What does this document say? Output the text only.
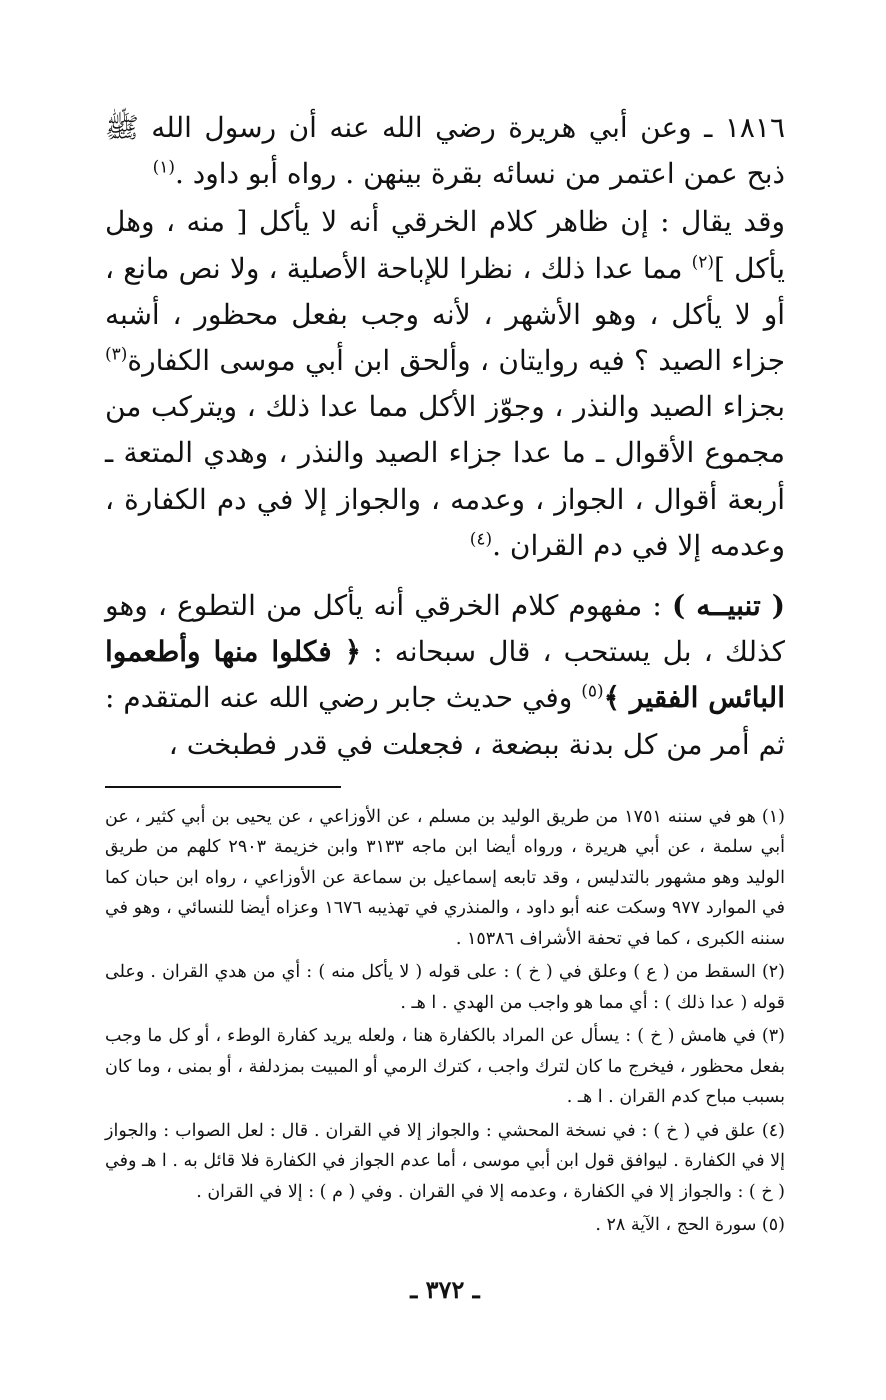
١٨١٦ ـ وعن أبي هريرة رضي الله عنه أن رسول الله ﷺ ذبح عمن اعتمر من نسائه بقرة بينهن . رواه أبو داود .$^{(١)}$

وقد يقال : إن ظاهر كلام الخرقي أنه لا يأكل [ منه ، وهل يأكل ]$^{(٢)}$ مما عدا ذلك ، نظرا للإباحة الأصلية ، ولا نص مانع ، أو لا يأكل ، وهو الأشهر ، لأنه وجب بفعل محظور ، أشبه جزاء الصيد ؟ فيه روايتان ، وألحق ابن أبي موسى الكفارة$^{(٣)}$ بجزاء الصيد والنذر ، وجوّز الأكل مما عدا ذلك ، ويتركب من مجموع الأقوال ـ ما عدا جزاء الصيد والنذر ، وهدي المتعة ـ أربعة أقوال ، الجواز ، وعدمه ، والجواز إلا في دم الكفارة ، وعدمه إلا في دم القران .$^{(٤)}$

( تنبيــه ) : مفهوم كلام الخرقي أنه يأكل من التطوع ، وهو كذلك ، بل يستحب ، قال سبحانه : ﴿ فكلوا منها وأطعموا البائس الفقير ﴾$^{(٥)}$ وفي حديث جابر رضي الله عنه المتقدم : ثم أمر من كل بدنة ببضعة ، فجعلت في قدر فطبخت ،

(١) هو في سننه ١٧٥١ من طريق الوليد بن مسلم ، عن الأوزاعي ، عن يحيى بن أبي كثير ، عن أبي سلمة ، عن أبي هريرة ، ورواه أيضا ابن ماجه ٣١٣٣ وابن خزيمة ٢٩٠٣ كلهم من طريق الوليد وهو مشهور بالتدليس ، وقد تابعه إسماعيل بن سماعة عن الأوزاعي ، رواه ابن حبان كما في الموارد ٩٧٧ وسكت عنه أبو داود ، والمنذري في تهذيبه ١٦٧٦ وعزاه أيضا للنسائي ، وهو في سننه الكبرى ، كما في تحفة الأشراف ١٥٣٨٦ .

(٢) السقط من ( ع ) وعلق في ( خ ) : على قوله ( لا يأكل منه ) : أي من هدي القران . وعلى قوله ( عدا ذلك ) : أي مما هو واجب من الهدي . ا هـ .

(٣) في هامش ( خ ) : يسأل عن المراد بالكفارة هنا ، ولعله يريد كفارة الوطء ، أو كل ما وجب بفعل محظور ، فيخرج ما كان لترك واجب ، كترك الرمي أو المبيت بمزدلفة ، أو بمنى ، وما كان بسبب مباح كدم القران . ا هـ .

(٤) علق في ( خ ) : في نسخة المحشي : والجواز إلا في القران . قال : لعل الصواب : والجواز إلا في الكفارة . ليوافق قول ابن أبي موسى ، أما عدم الجواز في الكفارة فلا قائل به . ا هـ وفي ( خ ) : والجواز إلا في الكفارة ، وعدمه إلا في القران . وفي ( م ) : إلا في القران .

(٥) سورة الحج ، الآية ٢٨ .

ـ ٣٧٢ ـ
